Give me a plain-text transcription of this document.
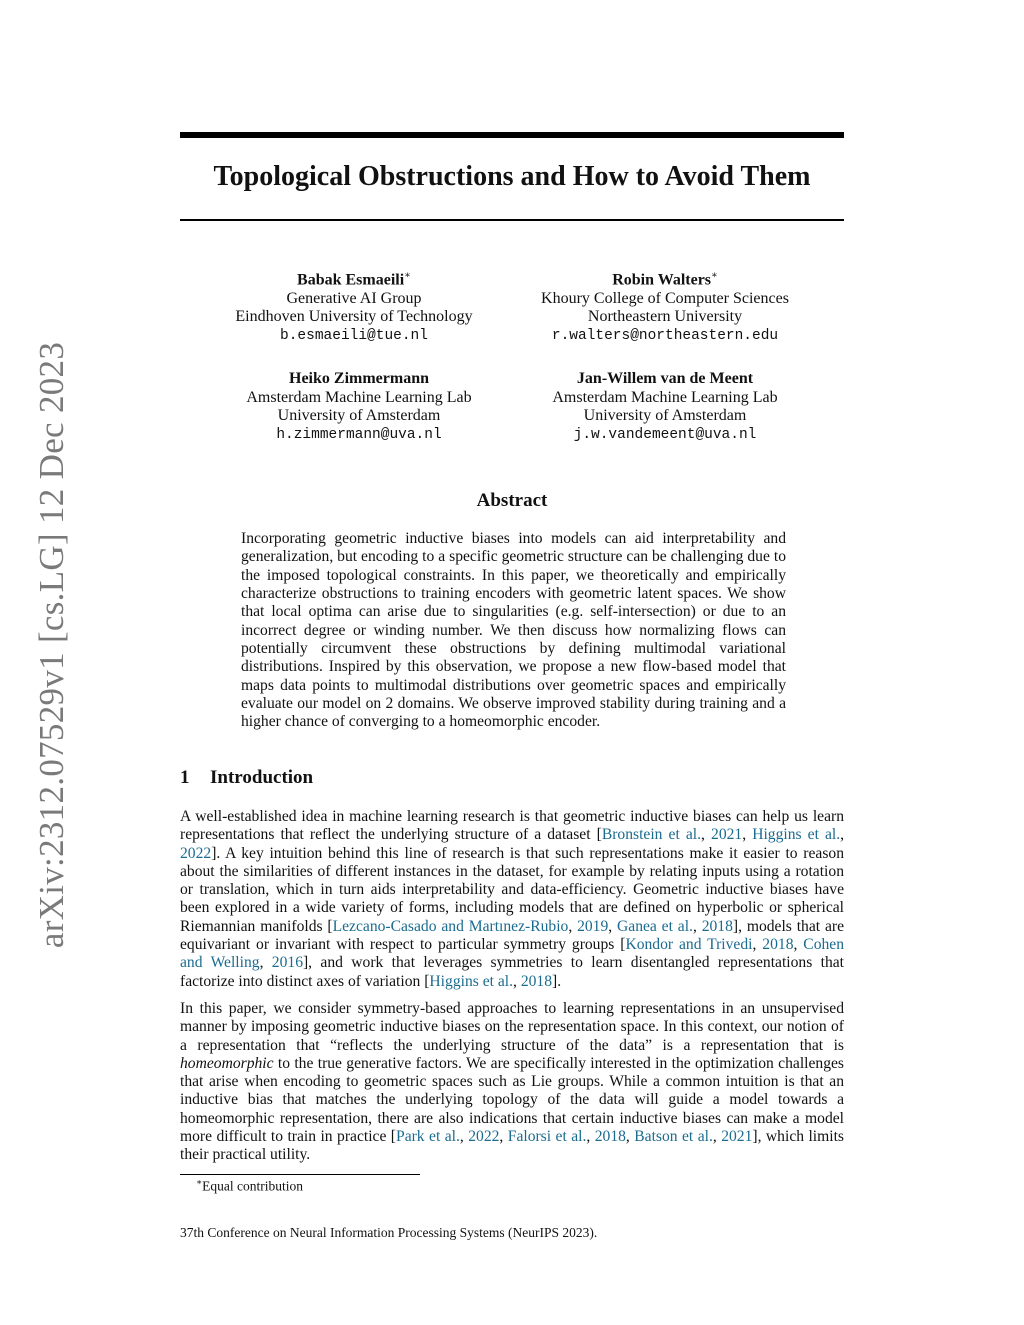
arXiv:2312.07529v1 [cs.LG] 12 Dec 2023
Topological Obstructions and How to Avoid Them
Babak Esmaeili∗
Generative AI Group
Eindhoven University of Technology
b.esmaeili@tue.nl
Robin Walters∗
Khoury College of Computer Sciences
Northeastern University
r.walters@northeastern.edu
Heiko Zimmermann
Amsterdam Machine Learning Lab
University of Amsterdam
h.zimmermann@uva.nl
Jan-Willem van de Meent
Amsterdam Machine Learning Lab
University of Amsterdam
j.w.vandemeent@uva.nl
Abstract

Incorporating geometric inductive biases into models can aid interpretability and generalization, but encoding to a specific geometric structure can be challenging due to the imposed topological constraints. In this paper, we theoretically and empirically characterize obstructions to training encoders with geometric latent spaces. We show that local optima can arise due to singularities (e.g. self-intersection) or due to an incorrect degree or winding number. We then discuss how normalizing flows can potentially circumvent these obstructions by defining multimodal variational distributions. Inspired by this observation, we propose a new flow-based model that maps data points to multimodal distributions over geometric spaces and empirically evaluate our model on 2 domains. We observe improved stability during training and a higher chance of converging to a homeomorphic encoder.

1 Introduction

A well-established idea in machine learning research is that geometric inductive biases can help us learn representations that reflect the underlying structure of a dataset [Bronstein et al., 2021, Higgins et al., 2022]. A key intuition behind this line of research is that such representations make it easier to reason about the similarities of different instances in the dataset, for example by relating inputs using a rotation or translation, which in turn aids interpretability and data-efficiency. Geometric inductive biases have been explored in a wide variety of forms, including models that are defined on hyperbolic or spherical Riemannian manifolds [Lezcano-Casado and Martınez-Rubio, 2019, Ganea et al., 2018], models that are equivariant or invariant with respect to particular symmetry groups [Kondor and Trivedi, 2018, Cohen and Welling, 2016], and work that leverages symmetries to learn disentangled representations that factorize into distinct axes of variation [Higgins et al., 2018].

In this paper, we consider symmetry-based approaches to learning representations in an unsupervised manner by imposing geometric inductive biases on the representation space. In this context, our notion of a representation that “reflects the underlying structure of the data” is a representation that is homeomorphic to the true generative factors. We are specifically interested in the optimization challenges that arise when encoding to geometric spaces such as Lie groups. While a common intuition is that an inductive bias that matches the underlying topology of the data will guide a model towards a homeomorphic representation, there are also indications that certain inductive biases can make a model more difficult to train in practice [Park et al., 2022, Falorsi et al., 2018, Batson et al., 2021], which limits their practical utility.

∗Equal contribution
37th Conference on Neural Information Processing Systems (NeurIPS 2023).
